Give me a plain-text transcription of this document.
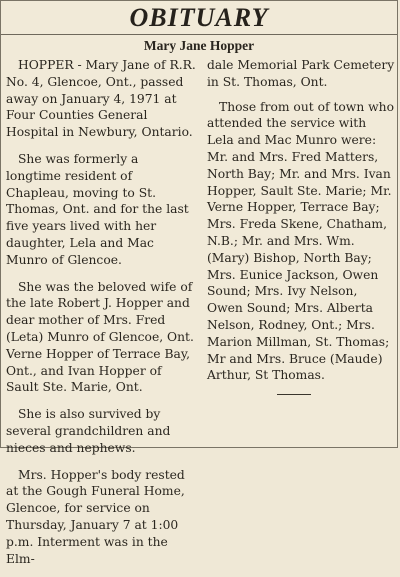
OBITUARY
Mary Jane Hopper

HOPPER - Mary Jane of R.R. No. 4, Glencoe, Ont., passed away on January 4, 1971 at Four Counties General Hospital in Newbury, Ontario.

She was formerly a longtime resident of Chapleau, moving to St. Thomas, Ont. and for the last five years lived with her daughter, Lela and Mac Munro of Glencoe.

She was the beloved wife of the late Robert J. Hopper and dear mother of Mrs. Fred (Leta) Munro of Glencoe, Ont. Verne Hopper of Terrace Bay, Ont., and Ivan Hopper of Sault Ste. Marie, Ont.

She is also survived by several grandchildren and nieces and nephews.

Mrs. Hopper's body rested at the Gough Funeral Home, Glencoe, for service on Thursday, January 7 at 1:00 p.m. Interment was in the Elm-

dale Memorial Park Cemetery in St. Thomas, Ont.

Those from out of town who attended the service with Lela and Mac Munro were: Mr. and Mrs. Fred Matters, North Bay; Mr. and Mrs. Ivan Hopper, Sault Ste. Marie; Mr. Verne Hopper, Terrace Bay; Mrs. Freda Skene, Chatham, N.B.; Mr. and Mrs. Wm. (Mary) Bishop, North Bay; Mrs. Eunice Jackson, Owen Sound; Mrs. Ivy Nelson, Owen Sound; Mrs. Alberta Nelson, Rodney, Ont.; Mrs. Marion Millman, St. Thomas; Mr and Mrs. Bruce (Maude) Arthur, St Thomas.
